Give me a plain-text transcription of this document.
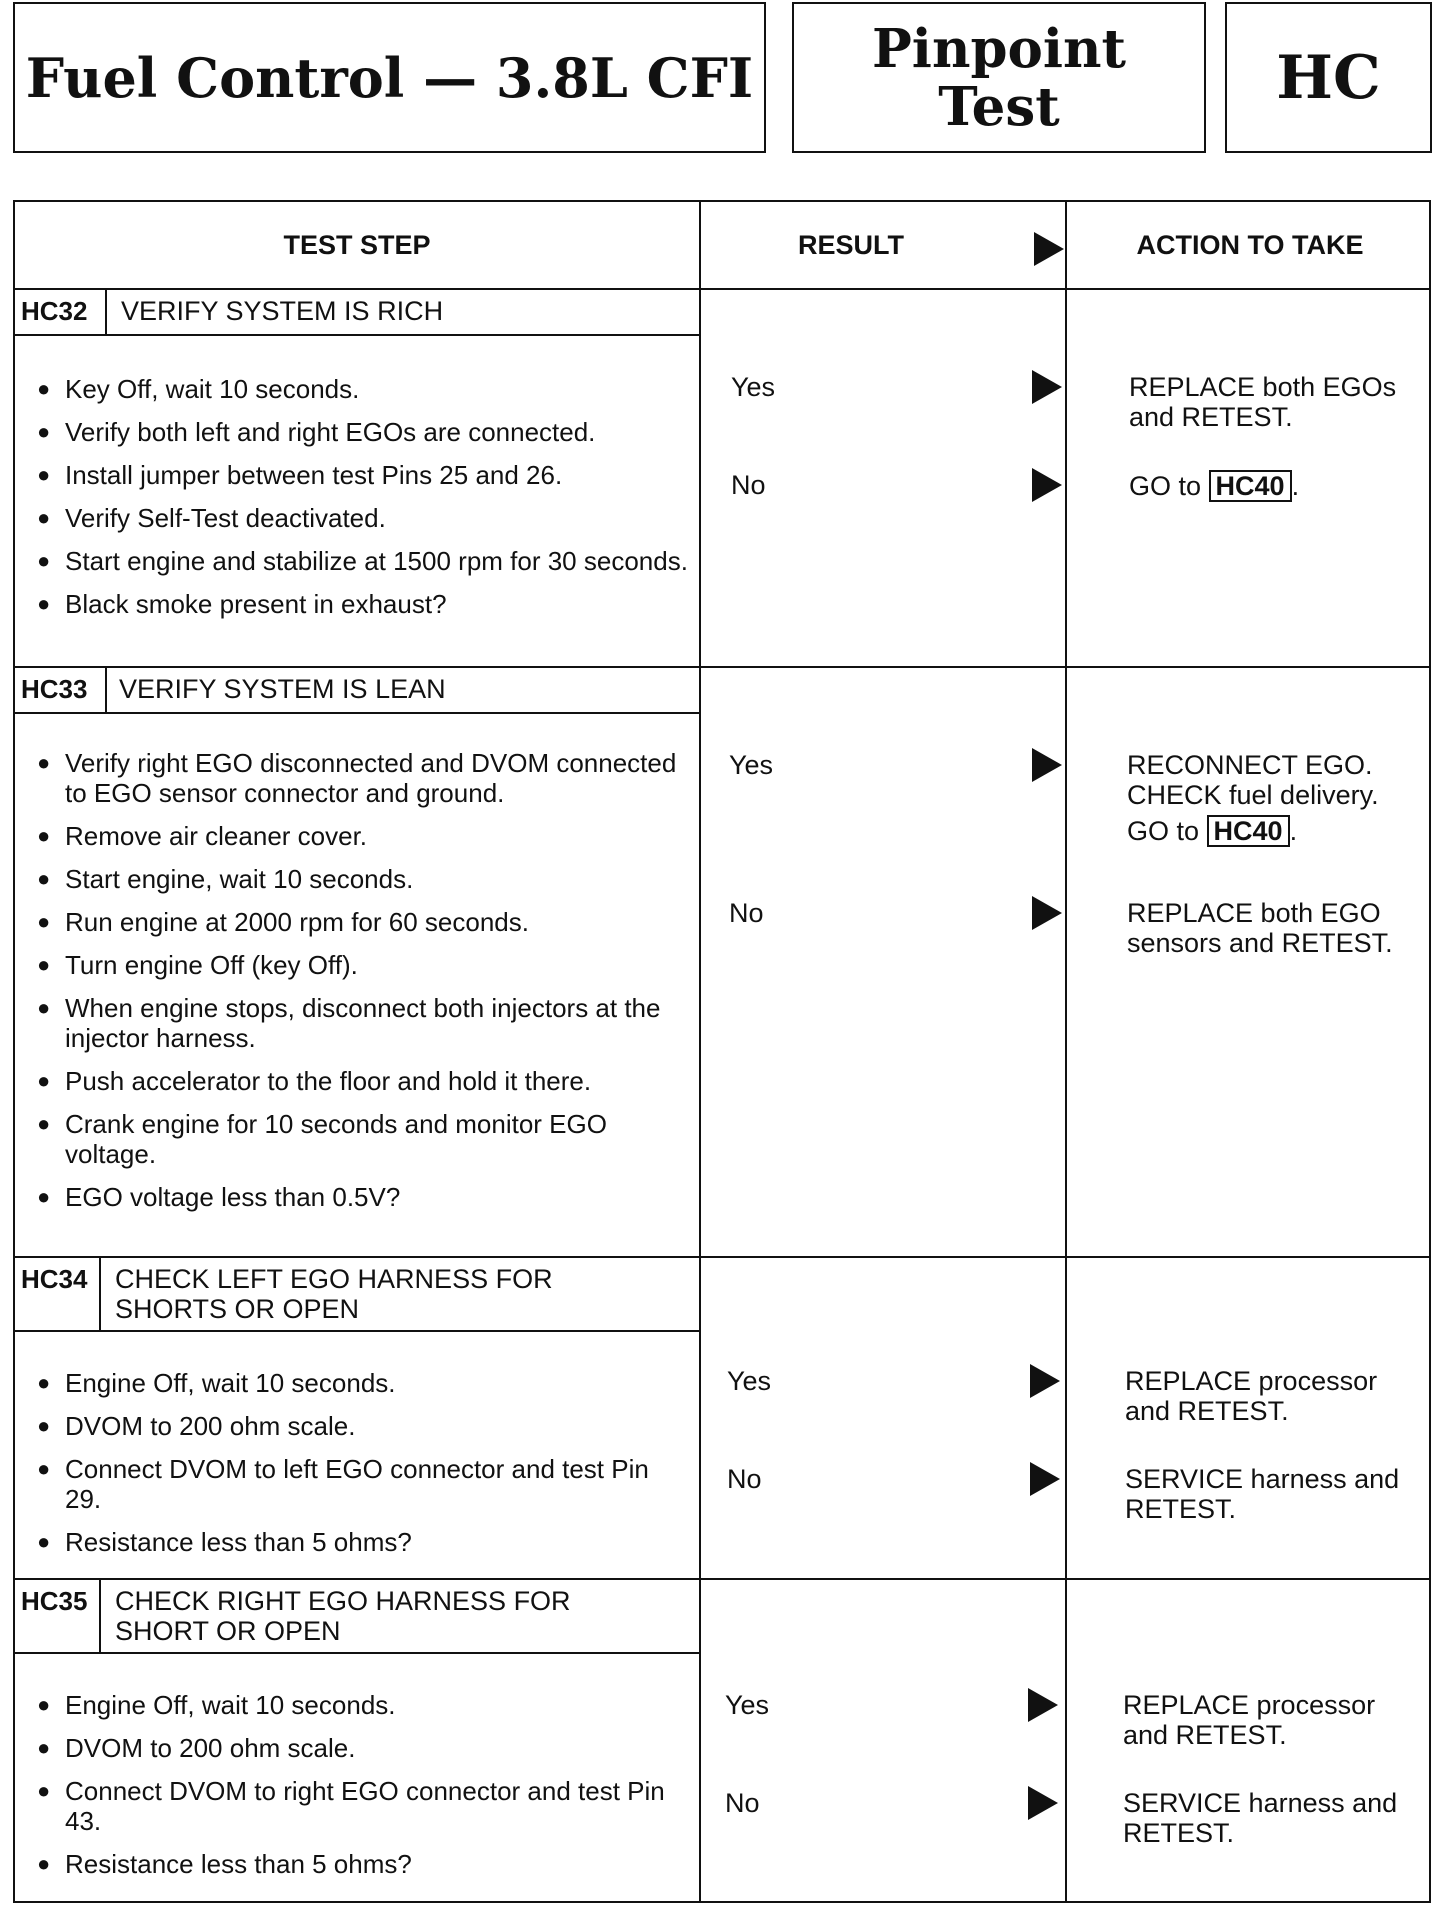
Fuel Control — 3.8L CFI Pinpoint
Test	HC
TEST STEP	RESULT	ACTION TO TAKE
HC32	VERIFY SYSTEM IS RICH
● Key Off, wait 10 seconds.
● Verify both left and right EGOs are connected.
● Install jumper between test Pins 25 and 26.
● Verify Self-Test deactivated.
● Start engine and stabilize at 1500 rpm for 30 seconds.
● Black smoke present in exhaust?
Yes	REPLACE both EGOs and RETEST.
No	GO to HC40 .
HC33	VERIFY SYSTEM IS LEAN
● Verify right EGO disconnected and DVOM connected to EGO sensor connector and ground.
● Remove air cleaner cover.
● Start engine, wait 10 seconds.
● Run engine at 2000 rpm for 60 seconds.
● Turn engine Off (key Off).
● When engine stops, disconnect both injectors at the injector harness.
● Push accelerator to the floor and hold it there.
● Crank engine for 10 seconds and monitor EGO voltage.
● EGO voltage less than 0.5V?
Yes	RECONNECT EGO. CHECK fuel delivery.
GO to HC40 .
No	REPLACE both EGO sensors and RETEST.
HC34	CHECK LEFT EGO HARNESS FOR SHORTS OR OPEN
● Engine Off, wait 10 seconds.
● DVOM to 200 ohm scale.
● Connect DVOM to left EGO connector and test Pin 29.
● Resistance less than 5 ohms?
Yes	REPLACE processor and RETEST.
No	SERVICE harness and RETEST.
HC35	CHECK RIGHT EGO HARNESS FOR SHORT OR OPEN
● Engine Off, wait 10 seconds.
● DVOM to 200 ohm scale.
● Connect DVOM to right EGO connector and test Pin 43.
● Resistance less than 5 ohms?
Yes	REPLACE processor and RETEST.
No	SERVICE harness and RETEST.
